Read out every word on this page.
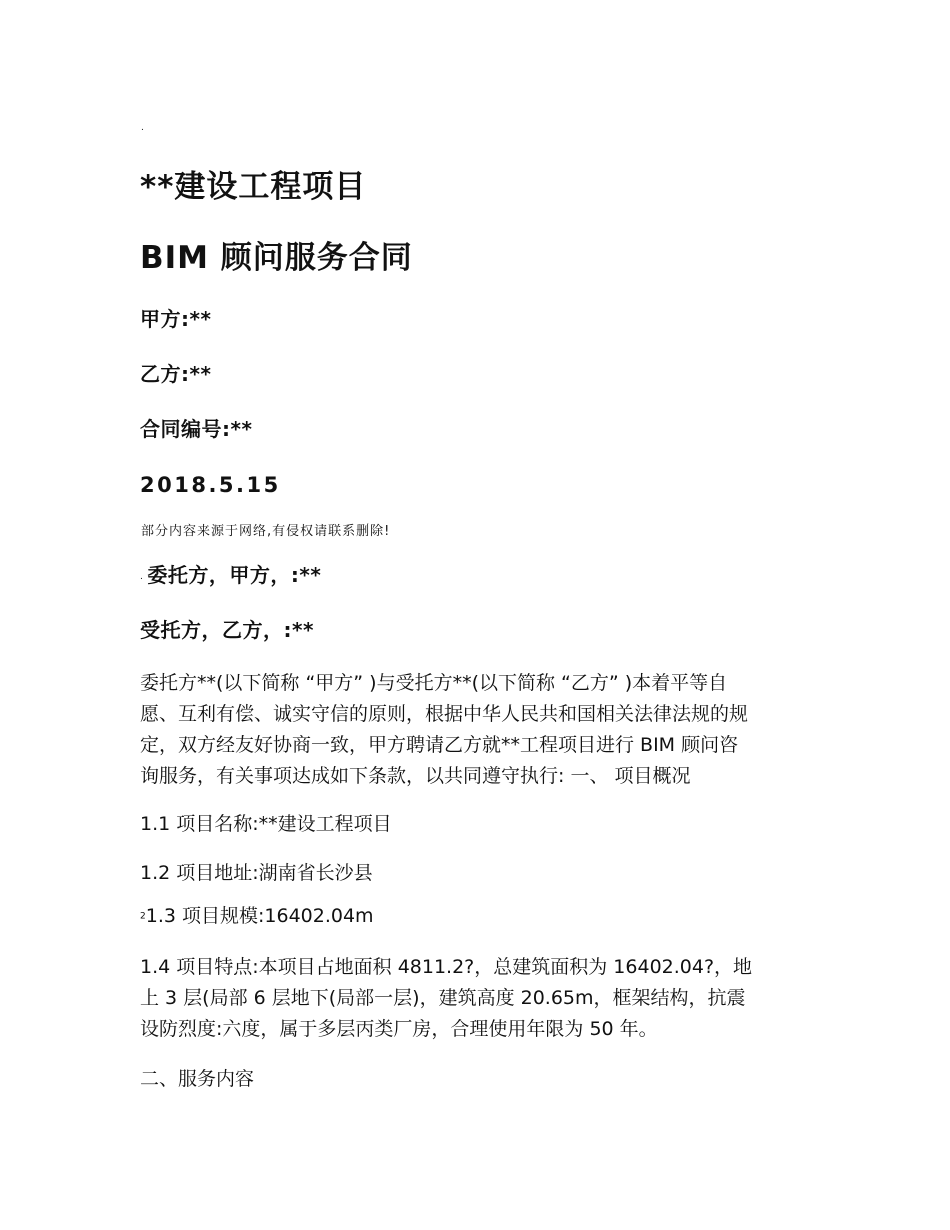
.

**建设工程项目
BIM 顾问服务合同

甲方:**

乙方:**

合同编号:**

2018.5.15

部分内容来源于网络,有侵权请联系删除!

. 委托方，甲方，:**

受托方，乙方，:**

委托方**(以下简称 “甲方” )与受托方**(以下简称 “乙方” )本着平等自
愿、互利有偿、诚实守信的原则，根据中华人民共和国相关法律法规的规
定，双方经友好协商一致，甲方聘请乙方就**工程项目进行 BIM 顾问咨
询服务，有关事项达成如下条款，以共同遵守执行: 一、 项目概况

1.1 项目名称:**建设工程项目

1.2 项目地址:湖南省长沙县

21.3 项目规模:16402.04m

1.4 项目特点:本项目占地面积 4811.2?，总建筑面积为 16402.04?，地
上 3 层(局部 6 层地下(局部一层)，建筑高度 20.65m，框架结构，抗震
设防烈度:六度，属于多层丙类厂房，合理使用年限为 50 年。

二、服务内容
